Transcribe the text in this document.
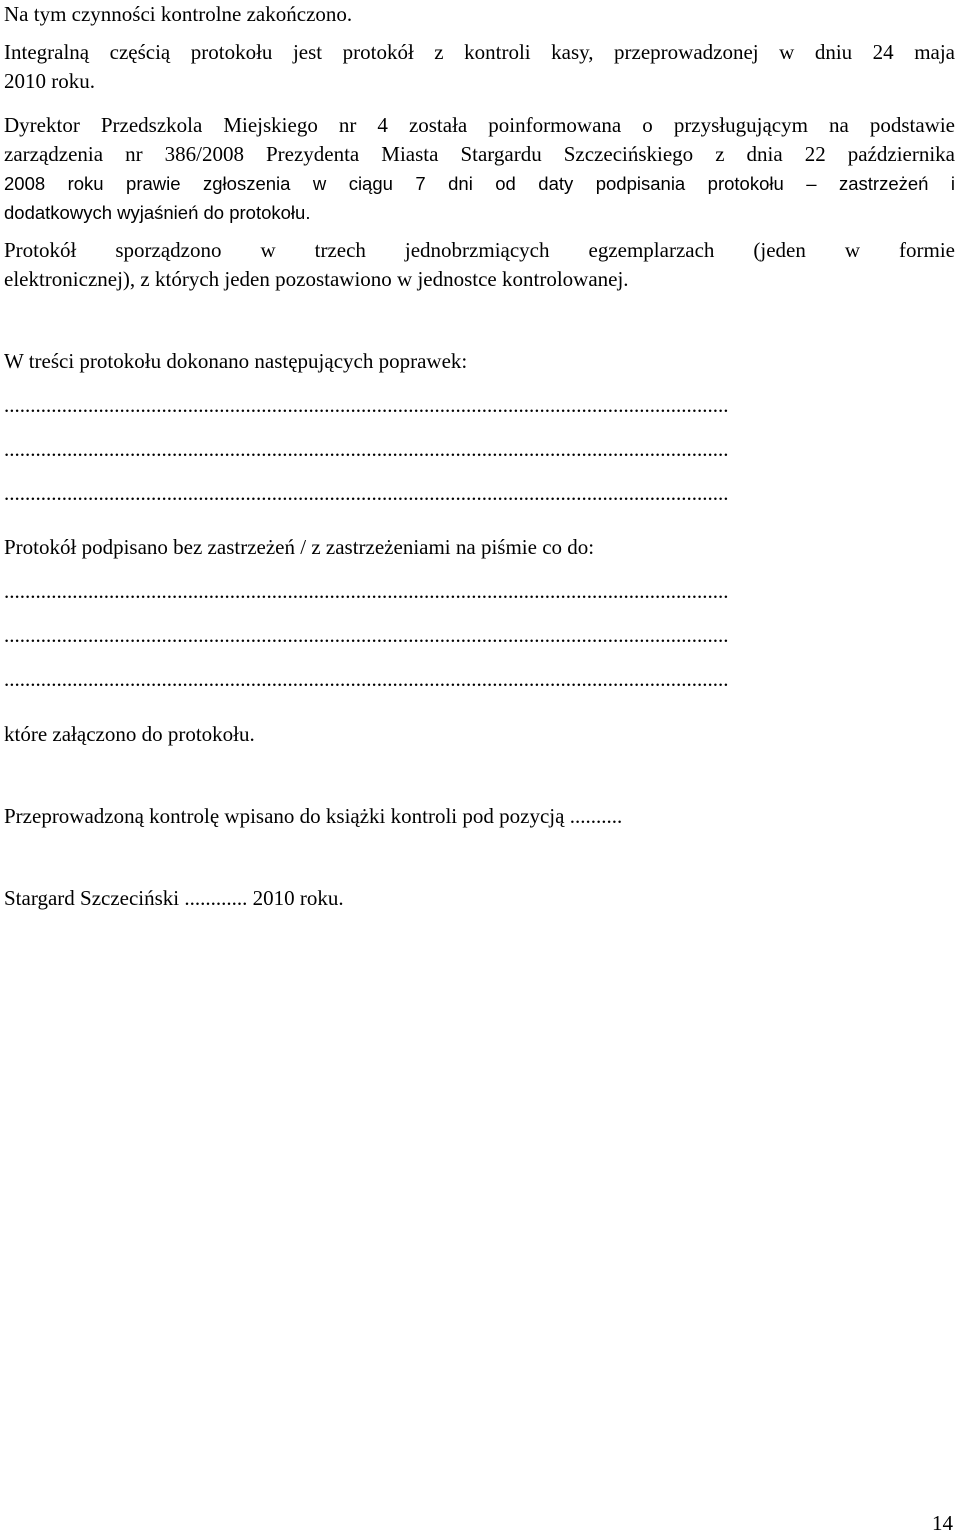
Na tym czynności kontrolne zakończono.

Integralną częścią protokołu jest protokół z kontroli kasy, przeprowadzonej w dniu 24 maja

2010 roku.

Dyrektor Przedszkola Miejskiego nr 4 została poinformowana o przysługującym na podstawie

zarządzenia nr 386/2008 Prezydenta Miasta Stargardu Szczecińskiego z dnia 22 października

2008 roku prawie zgłoszenia w ciągu 7 dni od daty podpisania protokołu – zastrzeżeń i

dodatkowych wyjaśnień do protokołu.

Protokół sporządzono w trzech jednobrzmiących egzemplarzach (jeden w formie

elektronicznej), z których jeden pozostawiono w jednostce kontrolowanej.

W treści protokołu dokonano następujących poprawek:

..........................................................................................................................................

..........................................................................................................................................

..........................................................................................................................................

Protokół podpisano bez zastrzeżeń / z zastrzeżeniami na piśmie co do:

..........................................................................................................................................

..........................................................................................................................................

..........................................................................................................................................

które załączono do protokołu.

Przeprowadzoną kontrolę wpisano do książki kontroli pod pozycją ..........

Stargard Szczeciński ............ 2010 roku.

14
